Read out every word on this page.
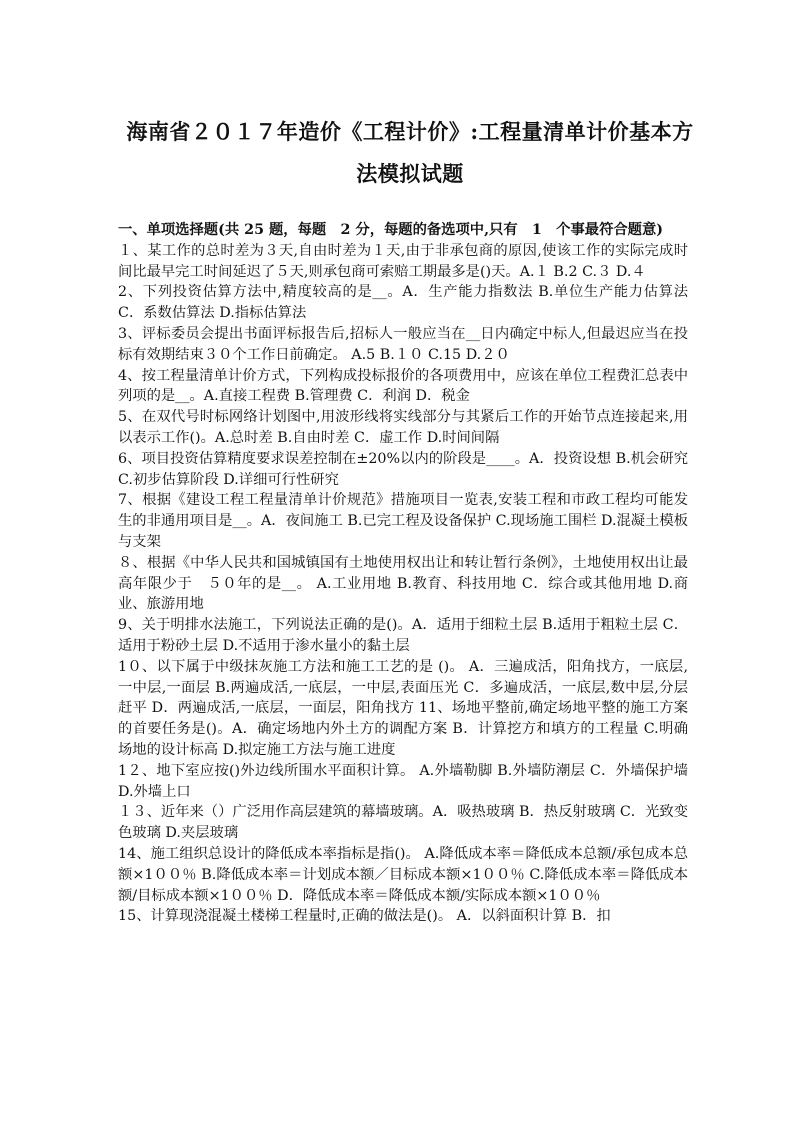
海南省２０１７年造价《工程计价》:工程量清单计价基本方
法模拟试题

一、单项选择题(共 25 题，每题　2 分，每题的备选项中,只有　1　个事最符合题意)

１、某工作的总时差为３天,自由时差为１天,由于非承包商的原因,使该工作的实际完成时间比最早完工时间延迟了５天,则承包商可索赔工期最多是()天。A.１ B.2 C.３ D.４

2、下列投资估算方法中,精度较高的是__。A．生产能力指数法 B.单位生产能力估算法 C．系数估算法 D.指标估算法

3、评标委员会提出书面评标报告后,招标人一般应当在__日内确定中标人,但最迟应当在投标有效期结束３０个工作日前确定。 A.5 B.１０ C.15 D.２０

4、按工程量清单计价方式，下列构成投标报价的各项费用中，应该在单位工程费汇总表中列项的是__。A.直接工程费 B.管理费 C．利润 D．税金

5、在双代号时标网络计划图中,用波形线将实线部分与其紧后工作的开始节点连接起来,用以表示工作()。A.总时差 B.自由时差 C．虚工作 D.时间间隔

6、项目投资估算精度要求误差控制在±20%以内的阶段是____。A．投资设想 B.机会研究 C.初步估算阶段 D.详细可行性研究

7、根据《建设工程工程量清单计价规范》措施项目一览表,安装工程和市政工程均可能发生的非通用项目是__。A．夜间施工 B.已完工程及设备保护 C.现场施工围栏 D.混凝土模板与支架

８、根据《中华人民共和国城镇国有土地使用权出让和转让暂行条例》，土地使用权出让最高年限少于　５０年的是__。 A.工业用地 B.教育、科技用地 C．综合或其他用地 D.商业、旅游用地

9、关于明排水法施工，下列说法正确的是()。A．适用于细粒土层 B.适用于粗粒土层 C．适用于粉砂土层 D.不适用于渗水量小的黏土层

1０、以下属于中级抹灰施工方法和施工工艺的是 ()。 A．三遍成活，阳角找方，一底层,一中层,一面层 B.两遍成活,一底层，一中层,表面压光 C．多遍成活，一底层,数中层,分层赶平 D．两遍成活,一底层，一面层，阳角找方 11、场地平整前,确定场地平整的施工方案的首要任务是()。A．确定场地内外土方的调配方案 B．计算挖方和填方的工程量 C.明确场地的设计标高 D.拟定施工方法与施工进度

1２、地下室应按()外边线所围水平面积计算。 A.外墙勒脚 B.外墙防潮层 C．外墙保护墙 D.外墙上口

１３、近年来（）广泛用作高层建筑的幕墙玻璃。A．吸热玻璃 B．热反射玻璃 C．光致变色玻璃 D.夹层玻璃

14、施工组织总设计的降低成本率指标是指()。 A.降低成本率＝降低成本总额/承包成本总额×1００％ B.降低成本率＝计划成本额／目标成本额×1００％ C.降低成本率＝降低成本额/目标成本额×1００％ D．降低成本率＝降低成本额/实际成本额×1００％

15、计算现浇混凝土楼梯工程量时,正确的做法是()。 A．以斜面积计算 B．扣
